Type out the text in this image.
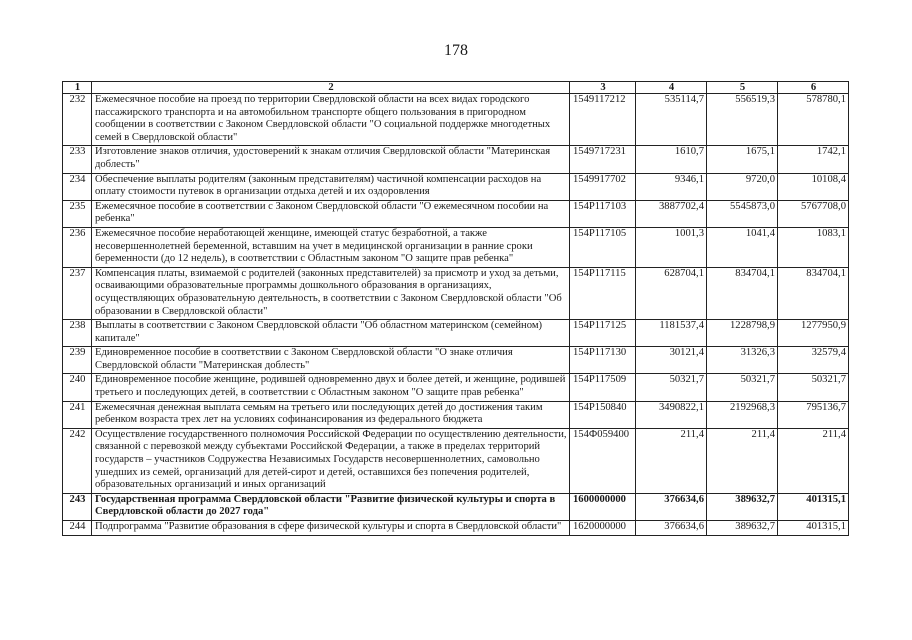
178
1	2	3	4	5	6
232	Ежемесячное пособие на проезд по территории Свердловской области на всех видах городского пассажирского транспорта и на автомобильном транспорте общего пользования в пригородном сообщении в соответствии с Законом Свердловской области "О социальной поддержке многодетных семей в Свердловской области"	1549117212	535114,7	556519,3	578780,1
233	Изготовление знаков отличия, удостоверений к знакам отличия Свердловской области "Материнская доблесть"	1549717231	1610,7	1675,1	1742,1
234	Обеспечение выплаты родителям (законным представителям) частичной компенсации расходов на оплату стоимости путевок в организации отдыха детей и их оздоровления	1549917702	9346,1	9720,0	10108,4
235	Ежемесячное пособие в соответствии с Законом Свердловской области "О ежемесячном пособии на ребенка"	154Р117103	3887702,4	5545873,0	5767708,0
236	Ежемесячное пособие неработающей женщине, имеющей статус безработной, а также несовершеннолетней беременной, вставшим на учет в медицинской организации в ранние сроки беременности (до 12 недель), в соответствии с Областным законом "О защите прав ребенка"	154Р117105	1001,3	1041,4	1083,1
237	Компенсация платы, взимаемой с родителей (законных представителей) за присмотр и уход за детьми, осваивающими образовательные программы дошкольного образования в организациях, осуществляющих образовательную деятельность, в соответствии с Законом Свердловской области "Об образовании в Свердловской области"	154Р117115	628704,1	834704,1	834704,1
238	Выплаты в соответствии с Законом Свердловской области "Об областном материнском (семейном) капитале"	154Р117125	1181537,4	1228798,9	1277950,9
239	Единовременное пособие в соответствии с Законом Свердловской области "О знаке отличия Свердловской области "Материнская доблесть"	154Р117130	30121,4	31326,3	32579,4
240	Единовременное пособие женщине, родившей одновременно двух и более детей, и женщине, родившей третьего и последующих детей, в соответствии с Областным законом "О защите прав ребенка"	154Р117509	50321,7	50321,7	50321,7
241	Ежемесячная денежная выплата семьям на третьего или последующих детей до достижения таким ребенком возраста трех лет на условиях софинансирования из федерального бюджета	154Р150840	3490822,1	2192968,3	795136,7
242	Осуществление государственного полномочия Российской Федерации по осуществлению деятельности, связанной с перевозкой между субъектами Российской Федерации, а также в пределах территорий государств – участников Содружества Независимых Государств несовершеннолетних, самовольно ушедших из семей, организаций для детей-сирот и детей, оставшихся без попечения родителей, образовательных организаций и иных организаций	154Ф059400	211,4	211,4	211,4
243	Государственная программа Свердловской области "Развитие физической культуры и спорта в Свердловской области до 2027 года"	1600000000	376634,6	389632,7	401315,1
244	Подпрограмма "Развитие образования в сфере физической культуры и спорта в Свердловской области"	1620000000	376634,6	389632,7	401315,1
